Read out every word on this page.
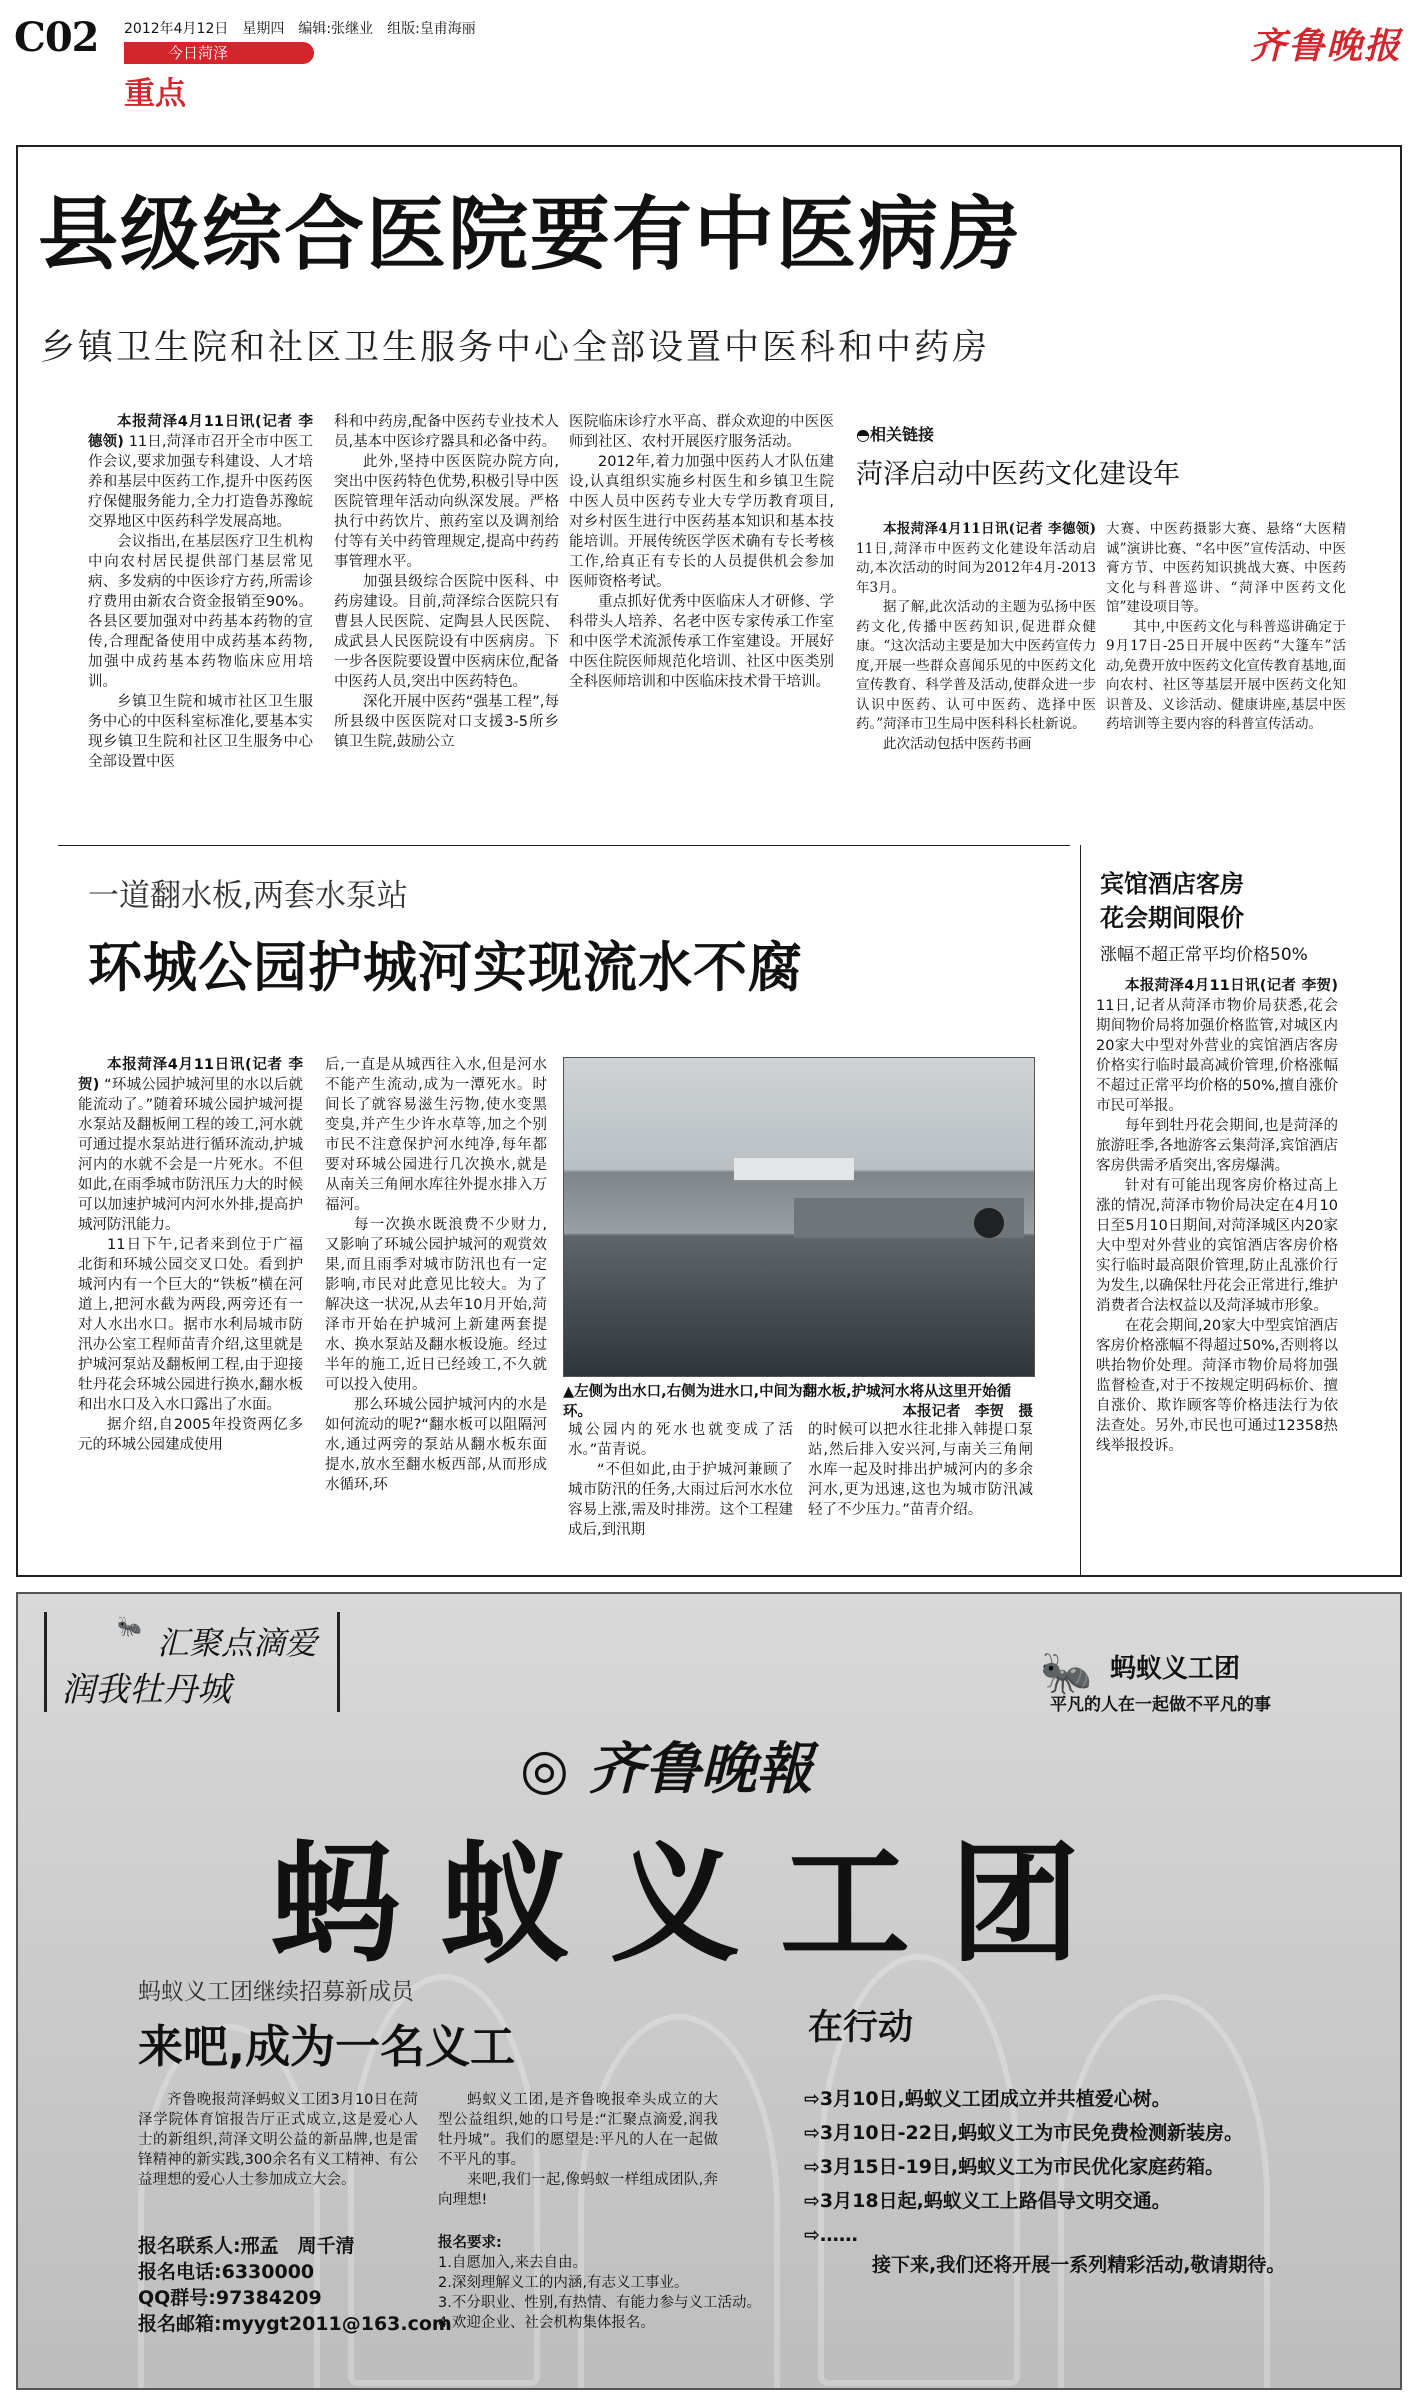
C02 2012年4月12日　星期四　编辑:张继业　组版:皇甫海丽
今日菏泽
重点
齐鲁晚报
县级综合医院要有中医病房
乡镇卫生院和社区卫生服务中心全部设置中医科和中药房

本报菏泽4月11日讯(记者 李德领) 11日,菏泽市召开全市中医工作会议,要求加强专科建设、人才培养和基层中医药工作,提升中医药医疗保健服务能力,全力打造鲁苏豫皖交界地区中医药科学发展高地。

会议指出,在基层医疗卫生机构中向农村居民提供部门基层常见病、多发病的中医诊疗方药,所需诊疗费用由新农合资金报销至90%。各县区要加强对中药基本药物的宣传,合理配备使用中成药基本药物,加强中成药基本药物临床应用培训。

乡镇卫生院和城市社区卫生服务中心的中医科室标准化,要基本实现乡镇卫生院和社区卫生服务中心全部设置中医

科和中药房,配备中医药专业技术人员,基本中医诊疗器具和必备中药。

此外,坚持中医医院办院方向,突出中医药特色优势,积极引导中医医院管理年活动向纵深发展。严格执行中药饮片、煎药室以及调剂给付等有关中药管理规定,提高中药药事管理水平。

加强县级综合医院中医科、中药房建设。目前,菏泽综合医院只有曹县人民医院、定陶县人民医院、成武县人民医院设有中医病房。下一步各医院要设置中医病床位,配备中医药人员,突出中医药特色。

深化开展中医药“强基工程”,每所县级中医医院对口支援3-5所乡镇卫生院,鼓励公立

医院临床诊疗水平高、群众欢迎的中医医师到社区、农村开展医疗服务活动。

2012年,着力加强中医药人才队伍建设,认真组织实施乡村医生和乡镇卫生院中医人员中医药专业大专学历教育项目,对乡村医生进行中医药基本知识和基本技能培训。开展传统医学医术确有专长考核工作,给真正有专长的人员提供机会参加医师资格考试。

重点抓好优秀中医临床人才研修、学科带头人培养、名老中医专家传承工作室和中医学术流派传承工作室建设。开展好中医住院医师规范化培训、社区中医类别全科医师培训和中医临床技术骨干培训。

◓相关链接
菏泽启动中医药文化建设年

本报菏泽4月11日讯(记者 李德领) 11日,菏泽市中医药文化建设年活动启动,本次活动的时间为2012年4月-2013年3月。

据了解,此次活动的主题为弘扬中医药文化,传播中医药知识,促进群众健康。“这次活动主要是加大中医药宣传力度,开展一些群众喜闻乐见的中医药文化宣传教育、科学普及活动,使群众进一步认识中医药、认可中医药、选择中医药。”菏泽市卫生局中医科科长杜新说。

此次活动包括中医药书画

大赛、中医药摄影大赛、悬络“大医精诚”演讲比赛、“名中医”宣传活动、中医膏方节、中医药知识挑战大赛、中医药文化与科普巡讲、“菏泽中医药文化馆”建设项目等。

其中,中医药文化与科普巡讲确定于9月17日-25日开展中医药“大篷车”活动,免费开放中医药文化宣传教育基地,面向农村、社区等基层开展中医药文化知识普及、义诊活动、健康讲座,基层中医药培训等主要内容的科普宣传活动。

一道翻水板,两套水泵站
环城公园护城河实现流水不腐

本报菏泽4月11日讯(记者 李贺) “环城公园护城河里的水以后就能流动了。”随着环城公园护城河提水泵站及翻板闸工程的竣工,河水就可通过提水泵站进行循环流动,护城河内的水就不会是一片死水。不但如此,在雨季城市防汛压力大的时候可以加速护城河内河水外排,提高护城河防汛能力。

11日下午,记者来到位于广福北街和环城公园交叉口处。看到护城河内有一个巨大的“铁板”横在河道上,把河水截为两段,两旁还有一对人水出水口。据市水利局城市防汛办公室工程师苗青介绍,这里就是护城河泵站及翻板闸工程,由于迎接牡丹花会环城公园进行换水,翻水板和出水口及入水口露出了水面。

据介绍,自2005年投资两亿多元的环城公园建成使用

后,一直是从城西往入水,但是河水不能产生流动,成为一潭死水。时间长了就容易滋生污物,使水变黑变臭,并产生少许水草等,加之个别市民不注意保护河水纯净,每年都要对环城公园进行几次换水,就是从南关三角闸水库往外提水排入万福河。

每一次换水既浪费不少财力,又影响了环城公园护城河的观赏效果,而且雨季对城市防汛也有一定影响,市民对此意见比较大。为了解决这一状况,从去年10月开始,菏泽市开始在护城河上新建两套提水、换水泵站及翻水板设施。经过半年的施工,近日已经竣工,不久就可以投入使用。

那么环城公园护城河内的水是如何流动的呢?“翻水板可以阻隔河水,通过两旁的泵站从翻水板东面提水,放水至翻水板西部,从而形成水循环,环

▲左侧为出水口,右侧为进水口,中间为翻水板,护城河水将从这里开始循环。	本报记者　李贺　摄

城公园内的死水也就变成了活水。”苗青说。

“不但如此,由于护城河兼顾了城市防汛的任务,大雨过后河水水位容易上涨,需及时排涝。这个工程建成后,到汛期

的时候可以把水往北排入韩提口泵站,然后排入安兴河,与南关三角闸水库一起及时排出护城河内的多余河水,更为迅速,这也为城市防汛减轻了不少压力。”苗青介绍。

宾馆酒店客房
花会期间限价
涨幅不超正常平均价格50%

本报菏泽4月11日讯(记者 李贺) 11日,记者从菏泽市物价局获悉,花会期间物价局将加强价格监管,对城区内20家大中型对外营业的宾馆酒店客房价格实行临时最高减价管理,价格涨幅不超过正常平均价格的50%,擅自涨价市民可举报。

每年到牡丹花会期间,也是菏泽的旅游旺季,各地游客云集菏泽,宾馆酒店客房供需矛盾突出,客房爆满。

针对有可能出现客房价格过高上涨的情况,菏泽市物价局决定在4月10日至5月10日期间,对菏泽城区内20家大中型对外营业的宾馆酒店客房价格实行临时最高限价管理,防止乱涨价行为发生,以确保牡丹花会正常进行,维护消费者合法权益以及菏泽城市形象。

在花会期间,20家大中型宾馆酒店客房价格涨幅不得超过50%,否则将以哄抬物价处理。菏泽市物价局将加强监督检查,对于不按规定明码标价、擅自涨价、欺诈顾客等价格违法行为依法查处。另外,市民也可通过12358热线举报投诉。

🐜 汇聚点滴爱
润我牡丹城	🐜 蚂蚁义工团
平凡的人在一起做不平凡的事
◎ 齐鲁晚報
蚂蚁义工团
蚂蚁义工团继续招募新成员
来吧,成为一名义工

齐鲁晚报菏泽蚂蚁义工团3月10日在菏泽学院体育馆报告厅正式成立,这是爱心人士的新组织,菏泽文明公益的新品牌,也是雷锋精神的新实践,300余名有义工精神、有公益理想的爱心人士参加成立大会。

蚂蚁义工团,是齐鲁晚报牵头成立的大型公益组织,她的口号是:“汇聚点滴爱,润我牡丹城”。我们的愿望是:平凡的人在一起做不平凡的事。

来吧,我们一起,像蚂蚁一样组成团队,奔向理想!

报名联系人:邢孟　周千清
报名电话:6330000
QQ群号:97384209
报名邮箱:myygt2011@163.com
报名要求:
1.自愿加入,来去自由。
2.深刻理解义工的内涵,有志义工事业。
3.不分职业、性别,有热情、有能力参与义工活动。
4.欢迎企业、社会机构集体报名。
在行动
⇨3月10日,蚂蚁义工团成立并共植爱心树。
⇨3月10日-22日,蚂蚁义工为市民免费检测新装房。
⇨3月15日-19日,蚂蚁义工为市民优化家庭药箱。
⇨3月18日起,蚂蚁义工上路倡导文明交通。
⇨……
接下来,我们还将开展一系列精彩活动,敬请期待。
